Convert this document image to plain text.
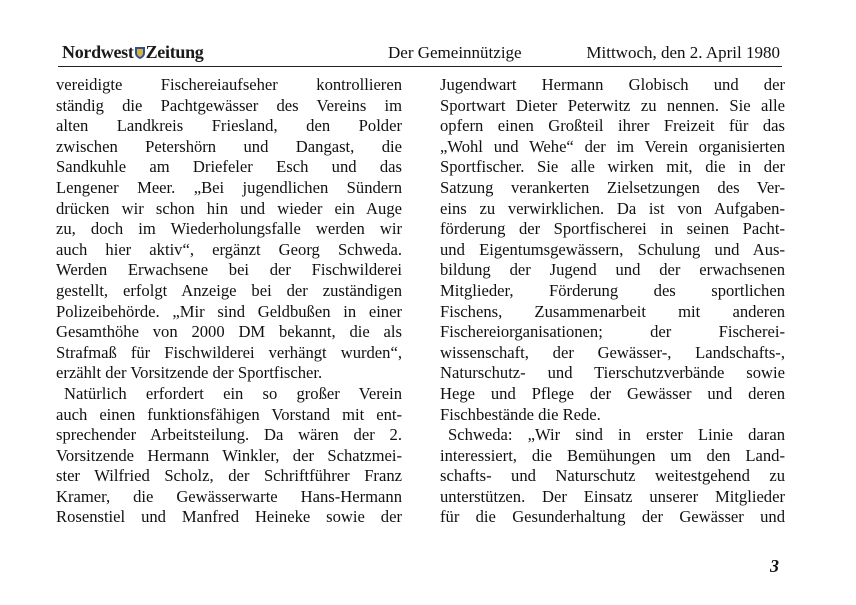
Nordwest Zeitung	Der Gemeinnützige	Mittwoch, den 2. April 1980
vereidigte Fischereiaufseher kontrollieren
ständig die Pachtgewässer des Vereins im
alten Landkreis Friesland, den Polder
zwischen Petershörn und Dangast, die
Sandkuhle am Driefeler Esch und das
Lengener Meer. „Bei jugendlichen Sündern
drücken wir schon hin und wieder ein Auge
zu, doch im Wiederholungsfalle werden wir
auch hier aktiv“, ergänzt Georg Schweda.
Werden Erwachsene bei der Fischwilderei
gestellt, erfolgt Anzeige bei der zuständigen
Polizeibehörde. „Mir sind Geldbußen in einer
Gesamthöhe von 2000 DM bekannt, die als
Strafmaß für Fischwilderei verhängt wurden“,
erzählt der Vorsitzende der Sportfischer.
Natürlich erfordert ein so großer Verein
auch einen funktionsfähigen Vorstand mit ent-
sprechender Arbeitsteilung. Da wären der 2.
Vorsitzende Hermann Winkler, der Schatzmei-
ster Wilfried Scholz, der Schriftführer Franz
Kramer, die Gewässerwarte Hans-Hermann
Rosenstiel und Manfred Heineke sowie der
Jugendwart Hermann Globisch und der
Sportwart Dieter Peterwitz zu nennen. Sie alle
opfern einen Großteil ihrer Freizeit für das
„Wohl und Wehe“ der im Verein organisierten
Sportfischer. Sie alle wirken mit, die in der
Satzung verankerten Zielsetzungen des Ver-
eins zu verwirklichen. Da ist von Aufgaben-
förderung der Sportfischerei in seinen Pacht-
und Eigentumsgewässern, Schulung und Aus-
bildung der Jugend und der erwachsenen
Mitglieder, Förderung des sportlichen
Fischens, Zusammenarbeit mit anderen
Fischereiorganisationen; der Fischerei-
wissenschaft, der Gewässer-, Landschafts-,
Naturschutz- und Tierschutzverbände sowie
Hege und Pflege der Gewässer und deren
Fischbestände die Rede.
Schweda: „Wir sind in erster Linie daran
interessiert, die Bemühungen um den Land-
schafts- und Naturschutz weitestgehend zu
unterstützen. Der Einsatz unserer Mitglieder
für die Gesunderhaltung der Gewässer und
3
